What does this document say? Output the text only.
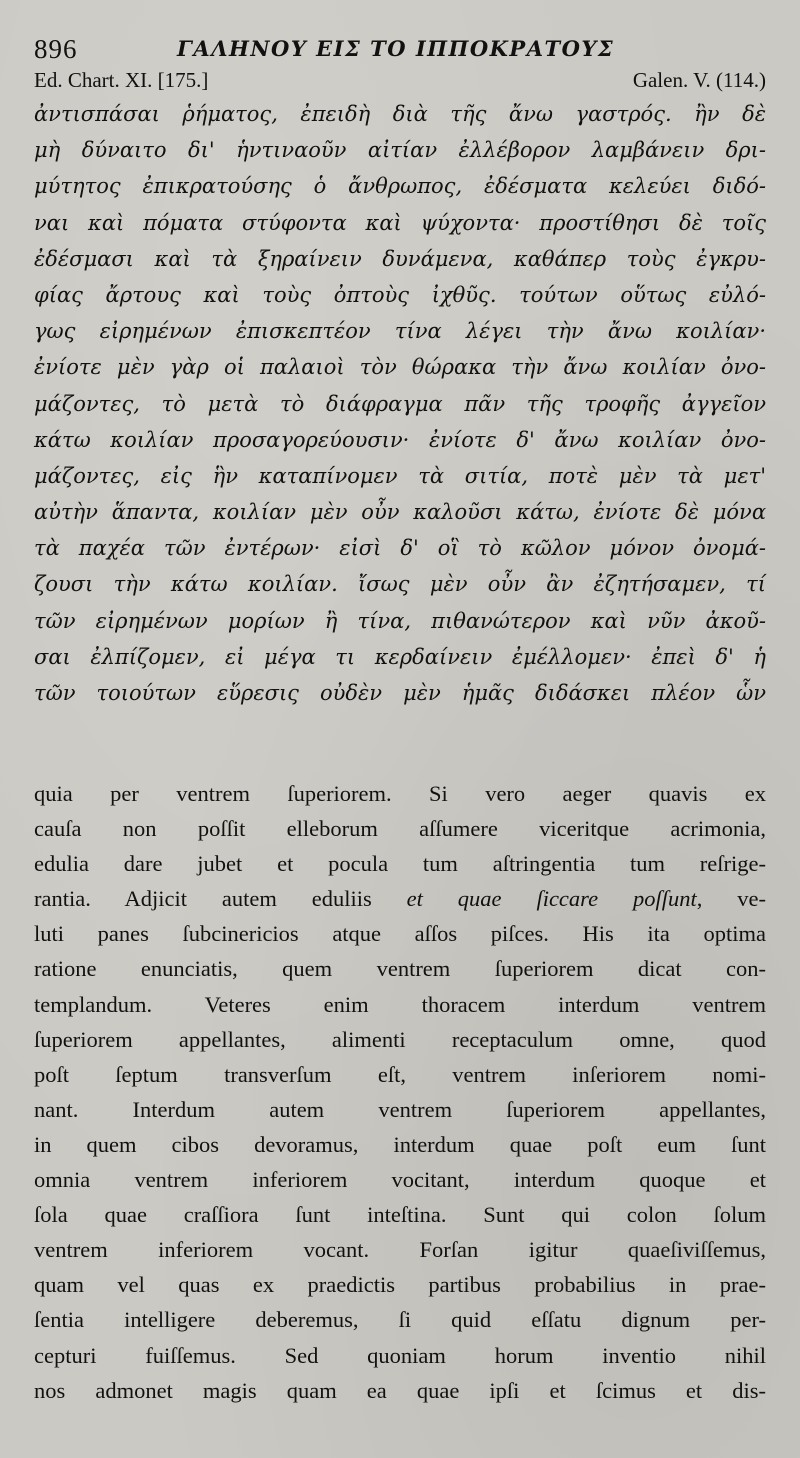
896	ΓΑΛΗΝΟΥ ΕΙΣ ΤΟ ΙΠΠΟΚΡΑΤΟΥΣ
Ed. Chart. XI. [175.]	Galen. V. (114.)
ἀντισπάσαι ῥήματος, ἐπειδὴ διὰ τῆς ἄνω γαστρός. ἢν δὲ
μὴ δύναιτο δι' ἡντιναοῦν αἰτίαν ἐλλέβορον λαμβάνειν δρι-
μύτητος ἐπικρατούσης ὁ ἄνθρωπος, ἐδέσματα κελεύει διδό-
ναι καὶ πόματα στύφοντα καὶ ψύχοντα· προστίθησι δὲ τοῖς
ἐδέσμασι καὶ τὰ ξηραίνειν δυνάμενα, καθάπερ τοὺς ἐγκρυ-
φίας ἄρτους καὶ τοὺς ὀπτοὺς ἰχθῦς. τούτων οὕτως εὐλό-
γως εἰρημένων ἐπισκεπτέον τίνα λέγει τὴν ἄνω κοιλίαν·
ἐνίοτε μὲν γὰρ οἱ παλαιοὶ τὸν θώρακα τὴν ἄνω κοιλίαν ὀνο-
μάζοντες, τὸ μετὰ τὸ διάφραγμα πᾶν τῆς τροφῆς ἀγγεῖον
κάτω κοιλίαν προσαγορεύουσιν· ἐνίοτε δ' ἄνω κοιλίαν ὀνο-
μάζοντες, εἰς ἣν καταπίνομεν τὰ σιτία, ποτὲ μὲν τὰ μετ'
αὐτὴν ἅπαντα, κοιλίαν μὲν οὖν καλοῦσι κάτω, ἐνίοτε δὲ μόνα
τὰ παχέα τῶν ἐντέρων· εἰσὶ δ' οἳ τὸ κῶλον μόνον ὀνομά-
ζουσι τὴν κάτω κοιλίαν. ἴσως μὲν οὖν ἂν ἐζητήσαμεν, τί
τῶν εἰρημένων μορίων ἢ τίνα, πιθανώτερον καὶ νῦν ἀκοῦ-
σαι ἐλπίζομεν, εἰ μέγα τι κερδαίνειν ἐμέλλομεν· ἐπεὶ δ' ἡ
τῶν τοιούτων εὕρεσις οὐδὲν μὲν ἡμᾶς διδάσκει πλέον ὧν
quia per ventrem ſuperiorem. Si vero aeger quavis ex
cauſa non poſſit elleborum aſſumere viceritque acrimonia,
edulia dare jubet et pocula tum aſtringentia tum reſrige-
rantia. Adjicit autem eduliis et quae ſiccare poſſunt, ve-
luti panes ſubcinericios atque aſſos piſces. His ita optima
ratione enunciatis, quem ventrem ſuperiorem dicat con-
templandum. Veteres enim thoracem interdum ventrem
ſuperiorem appellantes, alimenti receptaculum omne, quod
poſt ſeptum transverſum eſt, ventrem inſeriorem nomi-
nant. Interdum autem ventrem ſuperiorem appellantes,
in quem cibos devoramus, interdum quae poſt eum ſunt
omnia ventrem inferiorem vocitant, interdum quoque et
ſola quae craſſiora ſunt inteſtina. Sunt qui colon ſolum
ventrem inferiorem vocant. Forſan igitur quaeſiviſſemus,
quam vel quas ex praedictis partibus probabilius in prae-
ſentia intelligere deberemus, ſi quid eſſatu dignum per-
cepturi fuiſſemus. Sed quoniam horum inventio nihil
nos admonet magis quam ea quae ipſi et ſcimus et dis-
